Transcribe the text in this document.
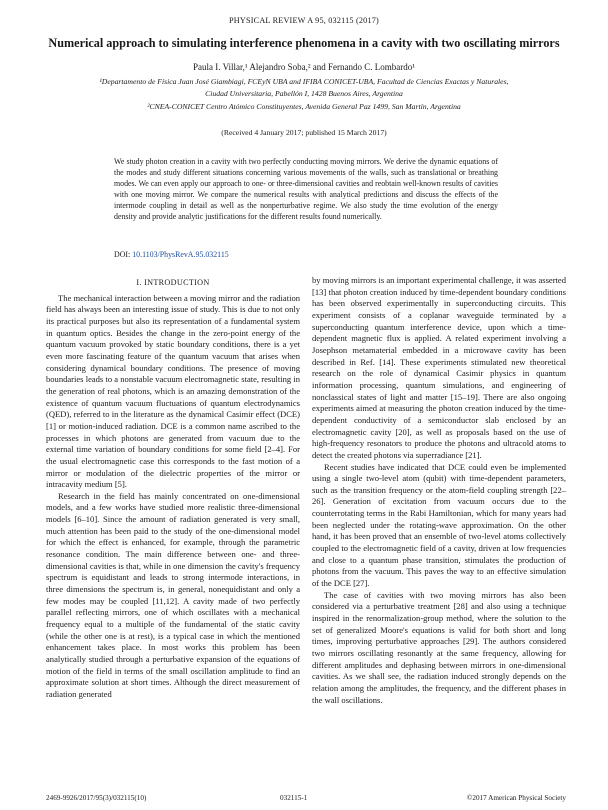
PHYSICAL REVIEW A 95, 032115 (2017)
Numerical approach to simulating interference phenomena in a cavity with two oscillating mirrors
Paula I. Villar,¹ Alejandro Soba,² and Fernando C. Lombardo¹
¹Departamento de Física Juan José Giambiagi, FCEyN UBA and IFIBA CONICET-UBA, Facultad de Ciencias Exactas y Naturales,
Ciudad Universitaria, Pabellón I, 1428 Buenos Aires, Argentina
²CNEA-CONICET Centro Atómico Constituyentes, Avenida General Paz 1499, San Martín, Argentina
(Received 4 January 2017; published 15 March 2017)
We study photon creation in a cavity with two perfectly conducting moving mirrors. We derive the dynamic equations of the modes and study different situations concerning various movements of the walls, such as translational or breathing modes. We can even apply our approach to one- or three-dimensional cavities and reobtain well-known results of cavities with one moving mirror. We compare the numerical results with analytical predictions and discuss the effects of the intermode coupling in detail as well as the nonperturbative regime. We also study the time evolution of the energy density and provide analytic justifications for the different results found numerically.
DOI: 10.1103/PhysRevA.95.032115
I. INTRODUCTION

The mechanical interaction between a moving mirror and the radiation field has always been an interesting issue of study. This is due to not only its practical purposes but also its representation of a fundamental system in quantum optics. Besides the change in the zero-point energy of the quantum vacuum provoked by static boundary conditions, there is a yet even more fascinating feature of the quantum vacuum that arises when considering dynamical boundary conditions. The presence of moving boundaries leads to a nonstable vacuum electromagnetic state, resulting in the generation of real photons, which is an amazing demonstration of the existence of quantum vacuum fluctuations of quantum electrodynamics (QED), referred to in the literature as the dynamical Casimir effect (DCE) [1] or motion-induced radiation. DCE is a common name ascribed to the processes in which photons are generated from vacuum due to the external time variation of boundary conditions for some field [2–4]. For the usual electromagnetic case this corresponds to the fast motion of a mirror or modulation of the dielectric properties of the mirror or intracavity medium [5].

Research in the field has mainly concentrated on one-dimensional models, and a few works have studied more realistic three-dimensional models [6–10]. Since the amount of radiation generated is very small, much attention has been paid to the study of the one-dimensional model for which the effect is enhanced, for example, through the parametric resonance condition. The main difference between one- and three-dimensional cavities is that, while in one dimension the cavity's frequency spectrum is equidistant and leads to strong intermode interactions, in three dimensions the spectrum is, in general, nonequidistant and only a few modes may be coupled [11,12]. A cavity made of two perfectly parallel reflecting mirrors, one of which oscillates with a mechanical frequency equal to a multiple of the fundamental of the static cavity (while the other one is at rest), is a typical case in which the mentioned enhancement takes place. In most works this problem has been analytically studied through a perturbative expansion of the equations of motion of the field in terms of the small oscillation amplitude to find an approximate solution at short times. Although the direct measurement of radiation generated

by moving mirrors is an important experimental challenge, it was asserted [13] that photon creation induced by time-dependent boundary conditions has been observed experimentally in superconducting circuits. This experiment consists of a coplanar waveguide terminated by a superconducting quantum interference device, upon which a time-dependent magnetic flux is applied. A related experiment involving a Josephson metamaterial embedded in a microwave cavity has been described in Ref. [14]. These experiments stimulated new theoretical research on the role of dynamical Casimir physics in quantum information processing, quantum simulations, and engineering of nonclassical states of light and matter [15–19]. There are also ongoing experiments aimed at measuring the photon creation induced by the time-dependent conductivity of a semiconductor slab enclosed by an electromagnetic cavity [20], as well as proposals based on the use of high-frequency resonators to produce the photons and ultracold atoms to detect the created photons via superradiance [21].

Recent studies have indicated that DCE could even be implemented using a single two-level atom (qubit) with time-dependent parameters, such as the transition frequency or the atom-field coupling strength [22–26]. Generation of excitation from vacuum occurs due to the counterrotating terms in the Rabi Hamiltonian, which for many years had been neglected under the rotating-wave approximation. On the other hand, it has been proved that an ensemble of two-level atoms collectively coupled to the electromagnetic field of a cavity, driven at low frequencies and close to a quantum phase transition, stimulates the production of photons from the vacuum. This paves the way to an effective simulation of the DCE [27].

The case of cavities with two moving mirrors has also been considered via a perturbative treatment [28] and also using a technique inspired in the renormalization-group method, where the solution to the set of generalized Moore's equations is valid for both short and long times, improving perturbative approaches [29]. The authors considered two mirrors oscillating resonantly at the same frequency, allowing for different amplitudes and dephasing between mirrors in one-dimensional cavities. As we shall see, the radiation induced strongly depends on the relation among the amplitudes, the frequency, and the different phases in the wall oscillations.

2469-9926/2017/95(3)/032115(10)	032115-1	©2017 American Physical Society
